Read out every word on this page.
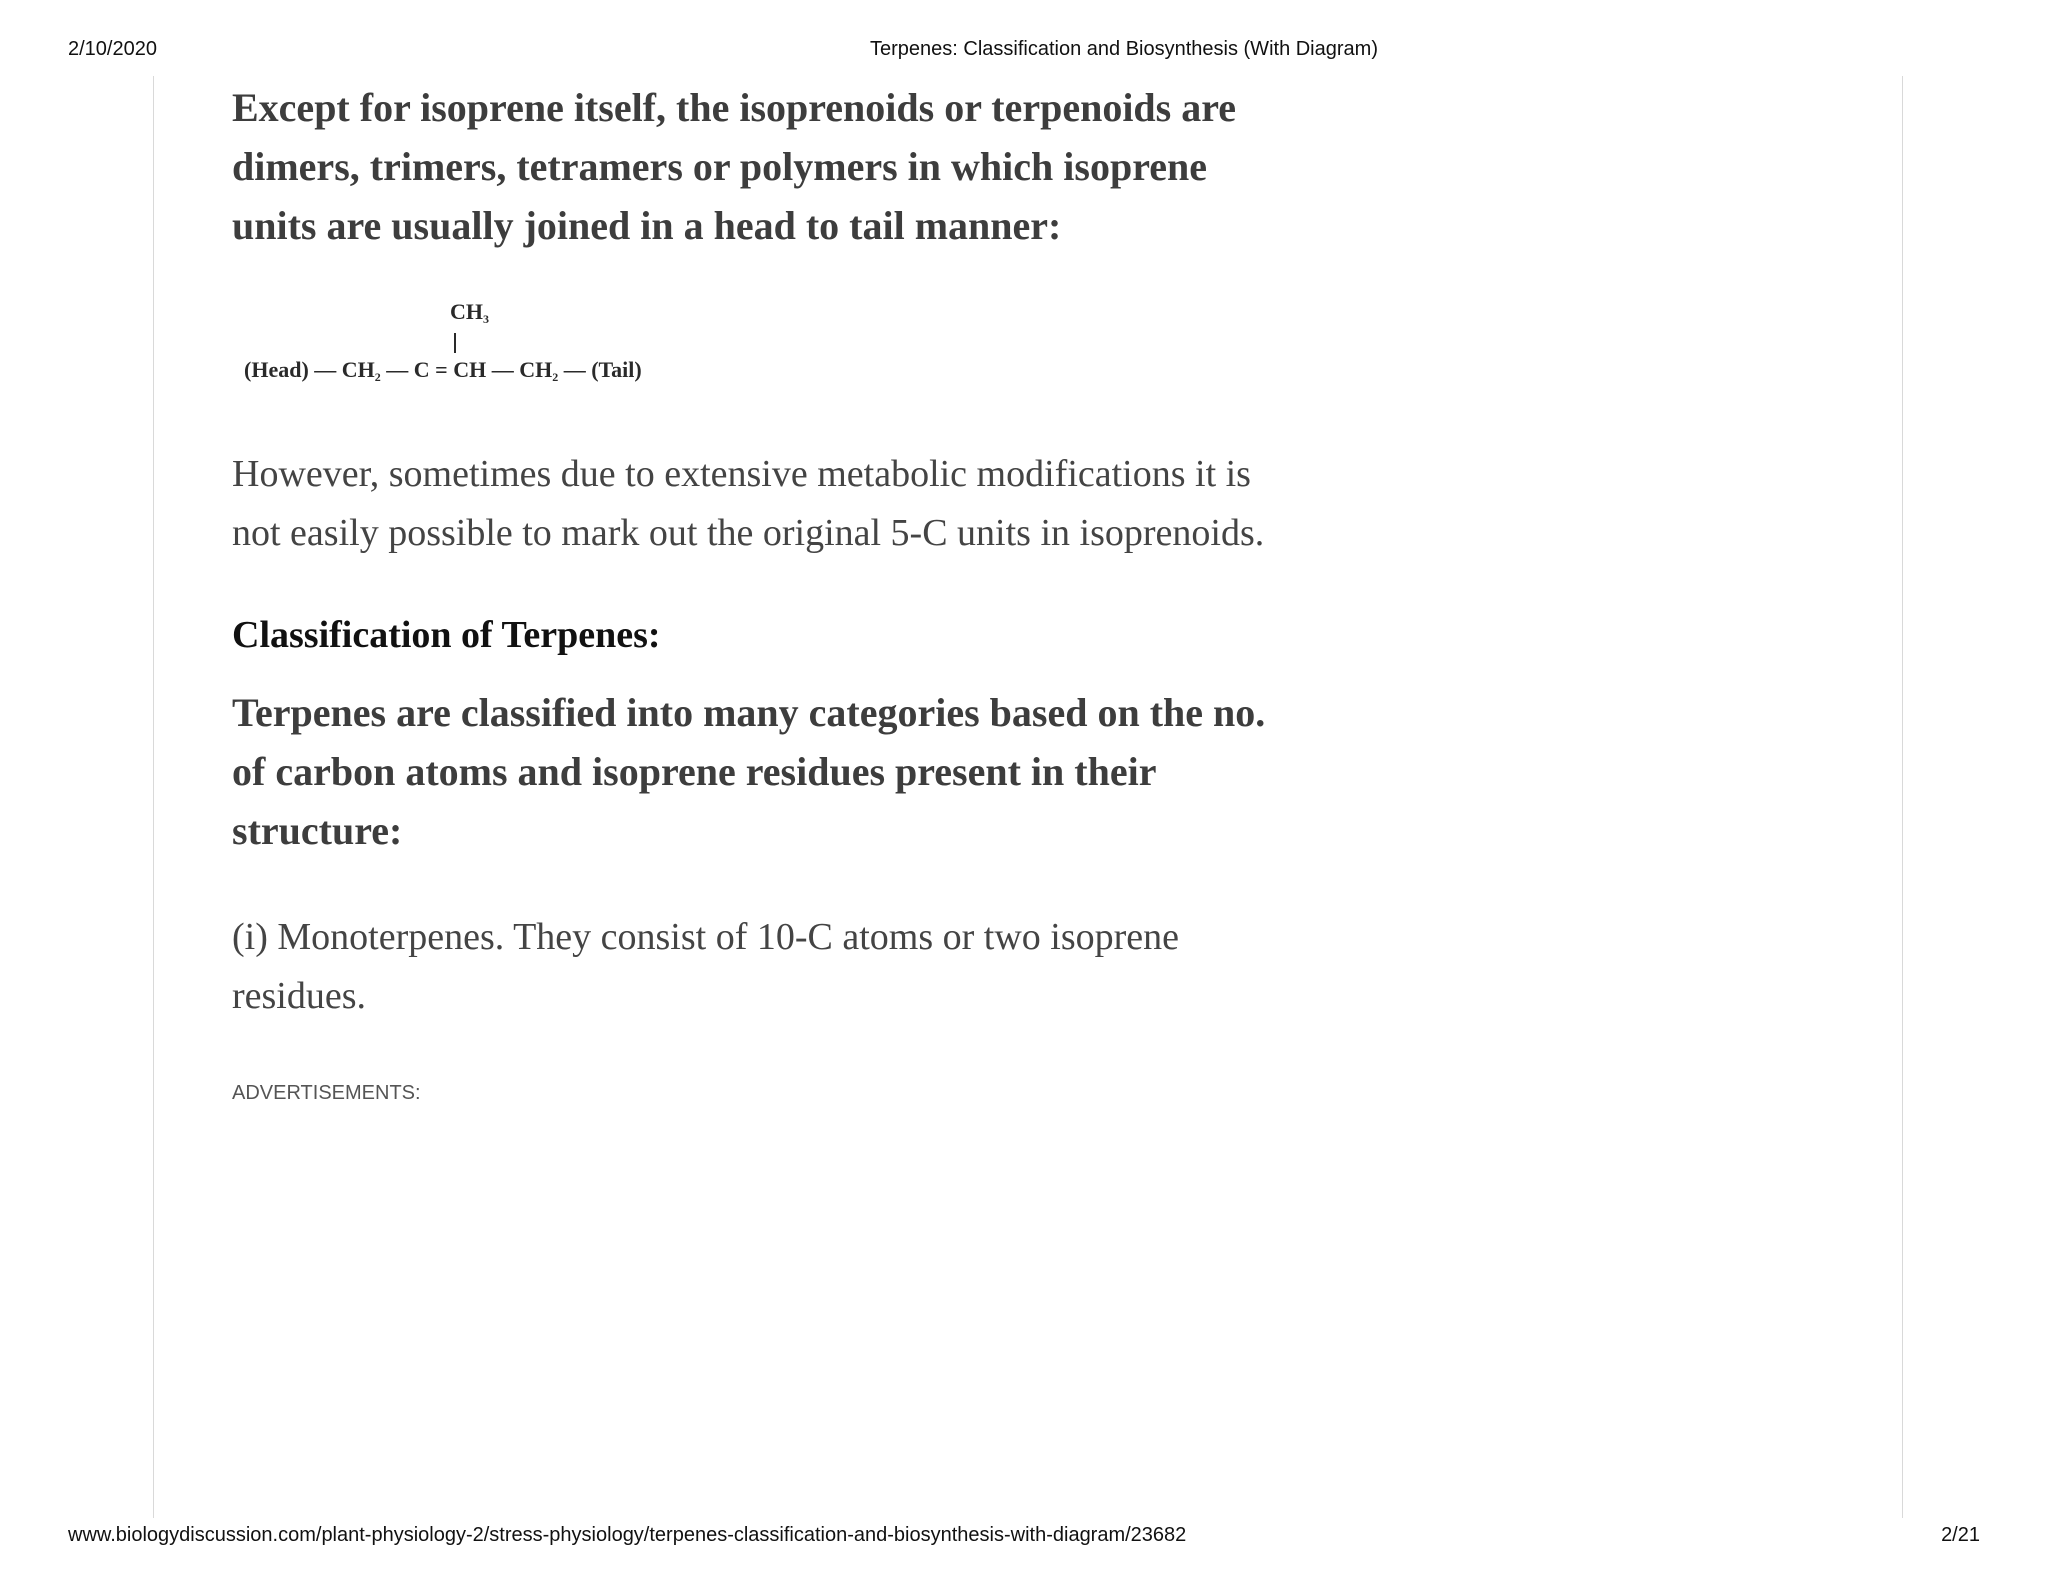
2/10/2020	Terpenes: Classification and Biosynthesis (With Diagram)

Except for isoprene itself, the isoprenoids or terpenoids are dimers, trimers, tetramers or polymers in which isoprene units are usually joined in a head to tail manner:

$CH_3$
(Head) — $CH_2$ — C = CH — $CH_2$ — (Tail)

However, sometimes due to extensive metabolic modifications it is not easily possible to mark out the original 5-C units in isoprenoids.

Classification of Terpenes:

Terpenes are classified into many categories based on the no. of carbon atoms and isoprene residues present in their structure:

(i) Monoterpenes. They consist of 10-C atoms or two isoprene residues.

ADVERTISEMENTS:

www.biologydiscussion.com/plant-physiology-2/stress-physiology/terpenes-classification-and-biosynthesis-with-diagram/23682	2/21
